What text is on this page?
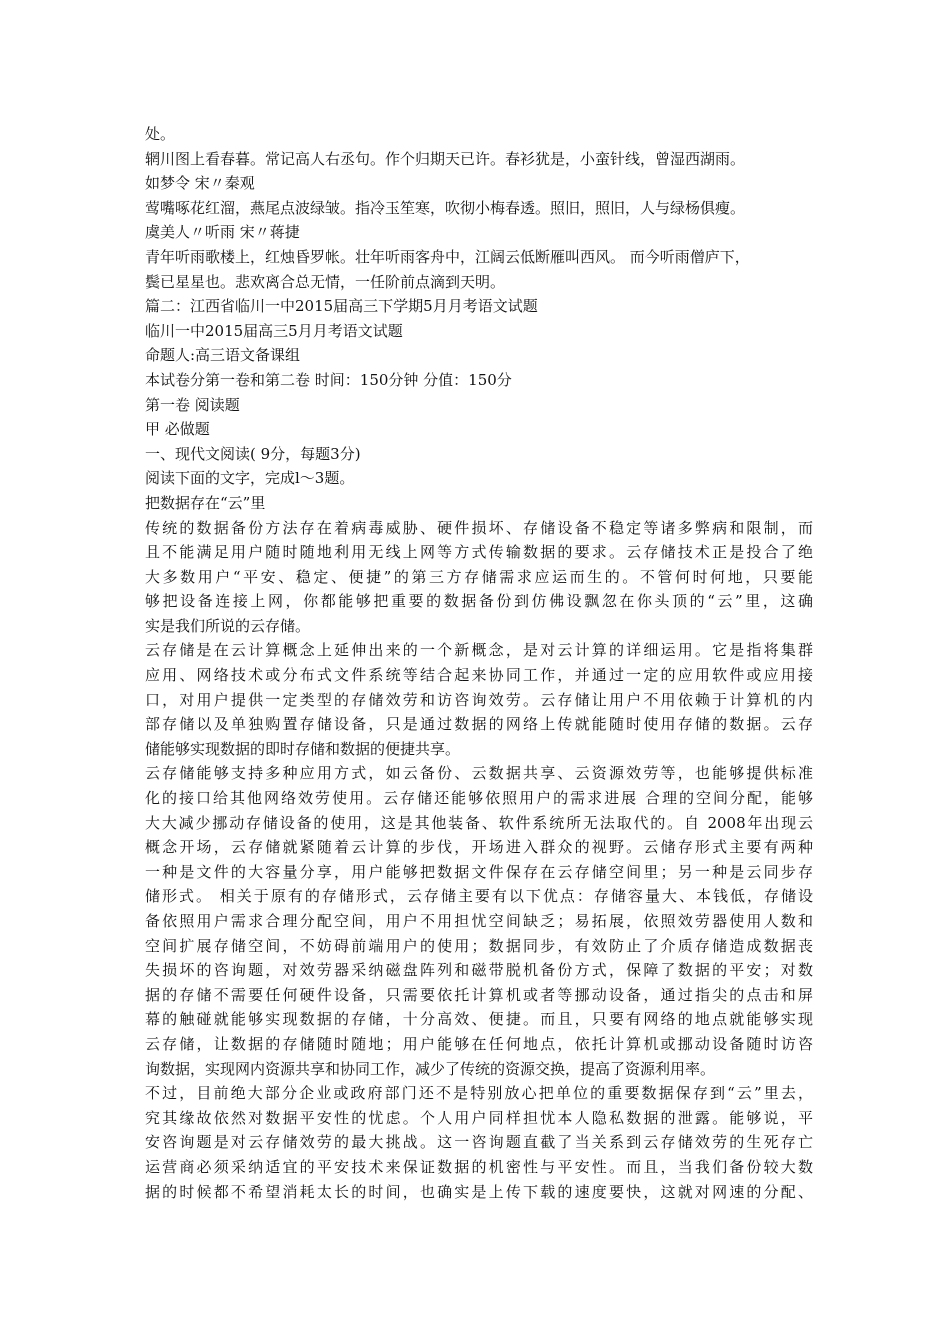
处。
辋川图上看春暮。常记高人右丞句。作个归期天已许。春衫犹是，小蛮针线，曾湿西湖雨。
如梦令 宋〃秦观
莺嘴啄花红溜，燕尾点波绿皱。指冷玉笙寒，吹彻小梅春透。照旧，照旧，人与绿杨俱瘦。
虞美人〃听雨 宋〃蒋捷
青年听雨歌楼上，红烛昏罗帐。壮年听雨客舟中，江阔云低断雁叫西风。 而今听雨僧庐下，
鬓已星星也。悲欢离合总无情，一任阶前点滴到天明。
篇二：江西省临川一中2015届高三下学期5月月考语文试题
临川一中2015届高三5月月考语文试题
命题人:高三语文备课组
本试卷分第一卷和第二卷 时间：150分钟 分值：150分
第一卷 阅读题
甲 必做题
一、现代文阅读( 9分，每题3分)
阅读下面的文字，完成l～3题。
把数据存在“云”里
传统的数据备份方法存在着病毒威胁、硬件损坏、存储设备不稳定等诸多弊病和限制，而
且不能满足用户随时随地利用无线上网等方式传输数据的要求。云存储技术正是投合了绝
大多数用户“平安、稳定、便捷”的第三方存储需求应运而生的。不管何时何地，只要能
够把设备连接上网，你都能够把重要的数据备份到仿佛设飘忽在你头顶的“云”里，这确
实是我们所说的云存储。
云存储是在云计算概念上延伸出来的一个新概念，是对云计算的详细运用。它是指将集群
应用、网络技术或分布式文件系统等结合起来协同工作，并通过一定的应用软件或应用接
口，对用户提供一定类型的存储效劳和访咨询效劳。云存储让用户不用依赖于计算机的内
部存储以及单独购置存储设备，只是通过数据的网络上传就能随时使用存储的数据。云存
储能够实现数据的即时存储和数据的便捷共享。
云存储能够支持多种应用方式，如云备份、云数据共享、云资源效劳等，也能够提供标准
化的接口给其他网络效劳使用。云存储还能够依照用户的需求进展 合理的空间分配，能够
大大减少挪动存储设备的使用，这是其他装备、软件系统所无法取代的。自 2008年出现云
概念开场，云存储就紧随着云计算的步伐，开场进入群众的视野。云储存形式主要有两种
一种是文件的大容量分享，用户能够把数据文件保存在云存储空间里；另一种是云同步存
储形式。 相关于原有的存储形式，云存储主要有以下优点：存储容量大、本钱低，存储设
备依照用户需求合理分配空间，用户不用担忧空间缺乏；易拓展，依照效劳器使用人数和
空间扩展存储空间，不妨碍前端用户的使用；数据同步，有效防止了介质存储造成数据丧
失损坏的咨询题，对效劳器采纳磁盘阵列和磁带脱机备份方式，保障了数据的平安；对数
据的存储不需要任何硬件设备，只需要依托计算机或者等挪动设备，通过指尖的点击和屏
幕的触碰就能够实现数据的存储，十分高效、便捷。而且，只要有网络的地点就能够实现
云存储，让数据的存储随时随地；用户能够在任何地点，依托计算机或挪动设备随时访咨
询数据，实现网内资源共享和协同工作，减少了传统的资源交换，提高了资源利用率。
不过，目前绝大部分企业或政府部门还不是特别放心把单位的重要数据保存到“云”里去，
究其缘故依然对数据平安性的忧虑。个人用户同样担忧本人隐私数据的泄露。能够说，平
安咨询题是对云存储效劳的最大挑战。这一咨询题直截了当关系到云存储效劳的生死存亡
运营商必须采纳适宜的平安技术来保证数据的机密性与平安性。而且，当我们备份较大数
据的时候都不希望消耗太长的时间，也确实是上传下载的速度要快，这就对网速的分配、
